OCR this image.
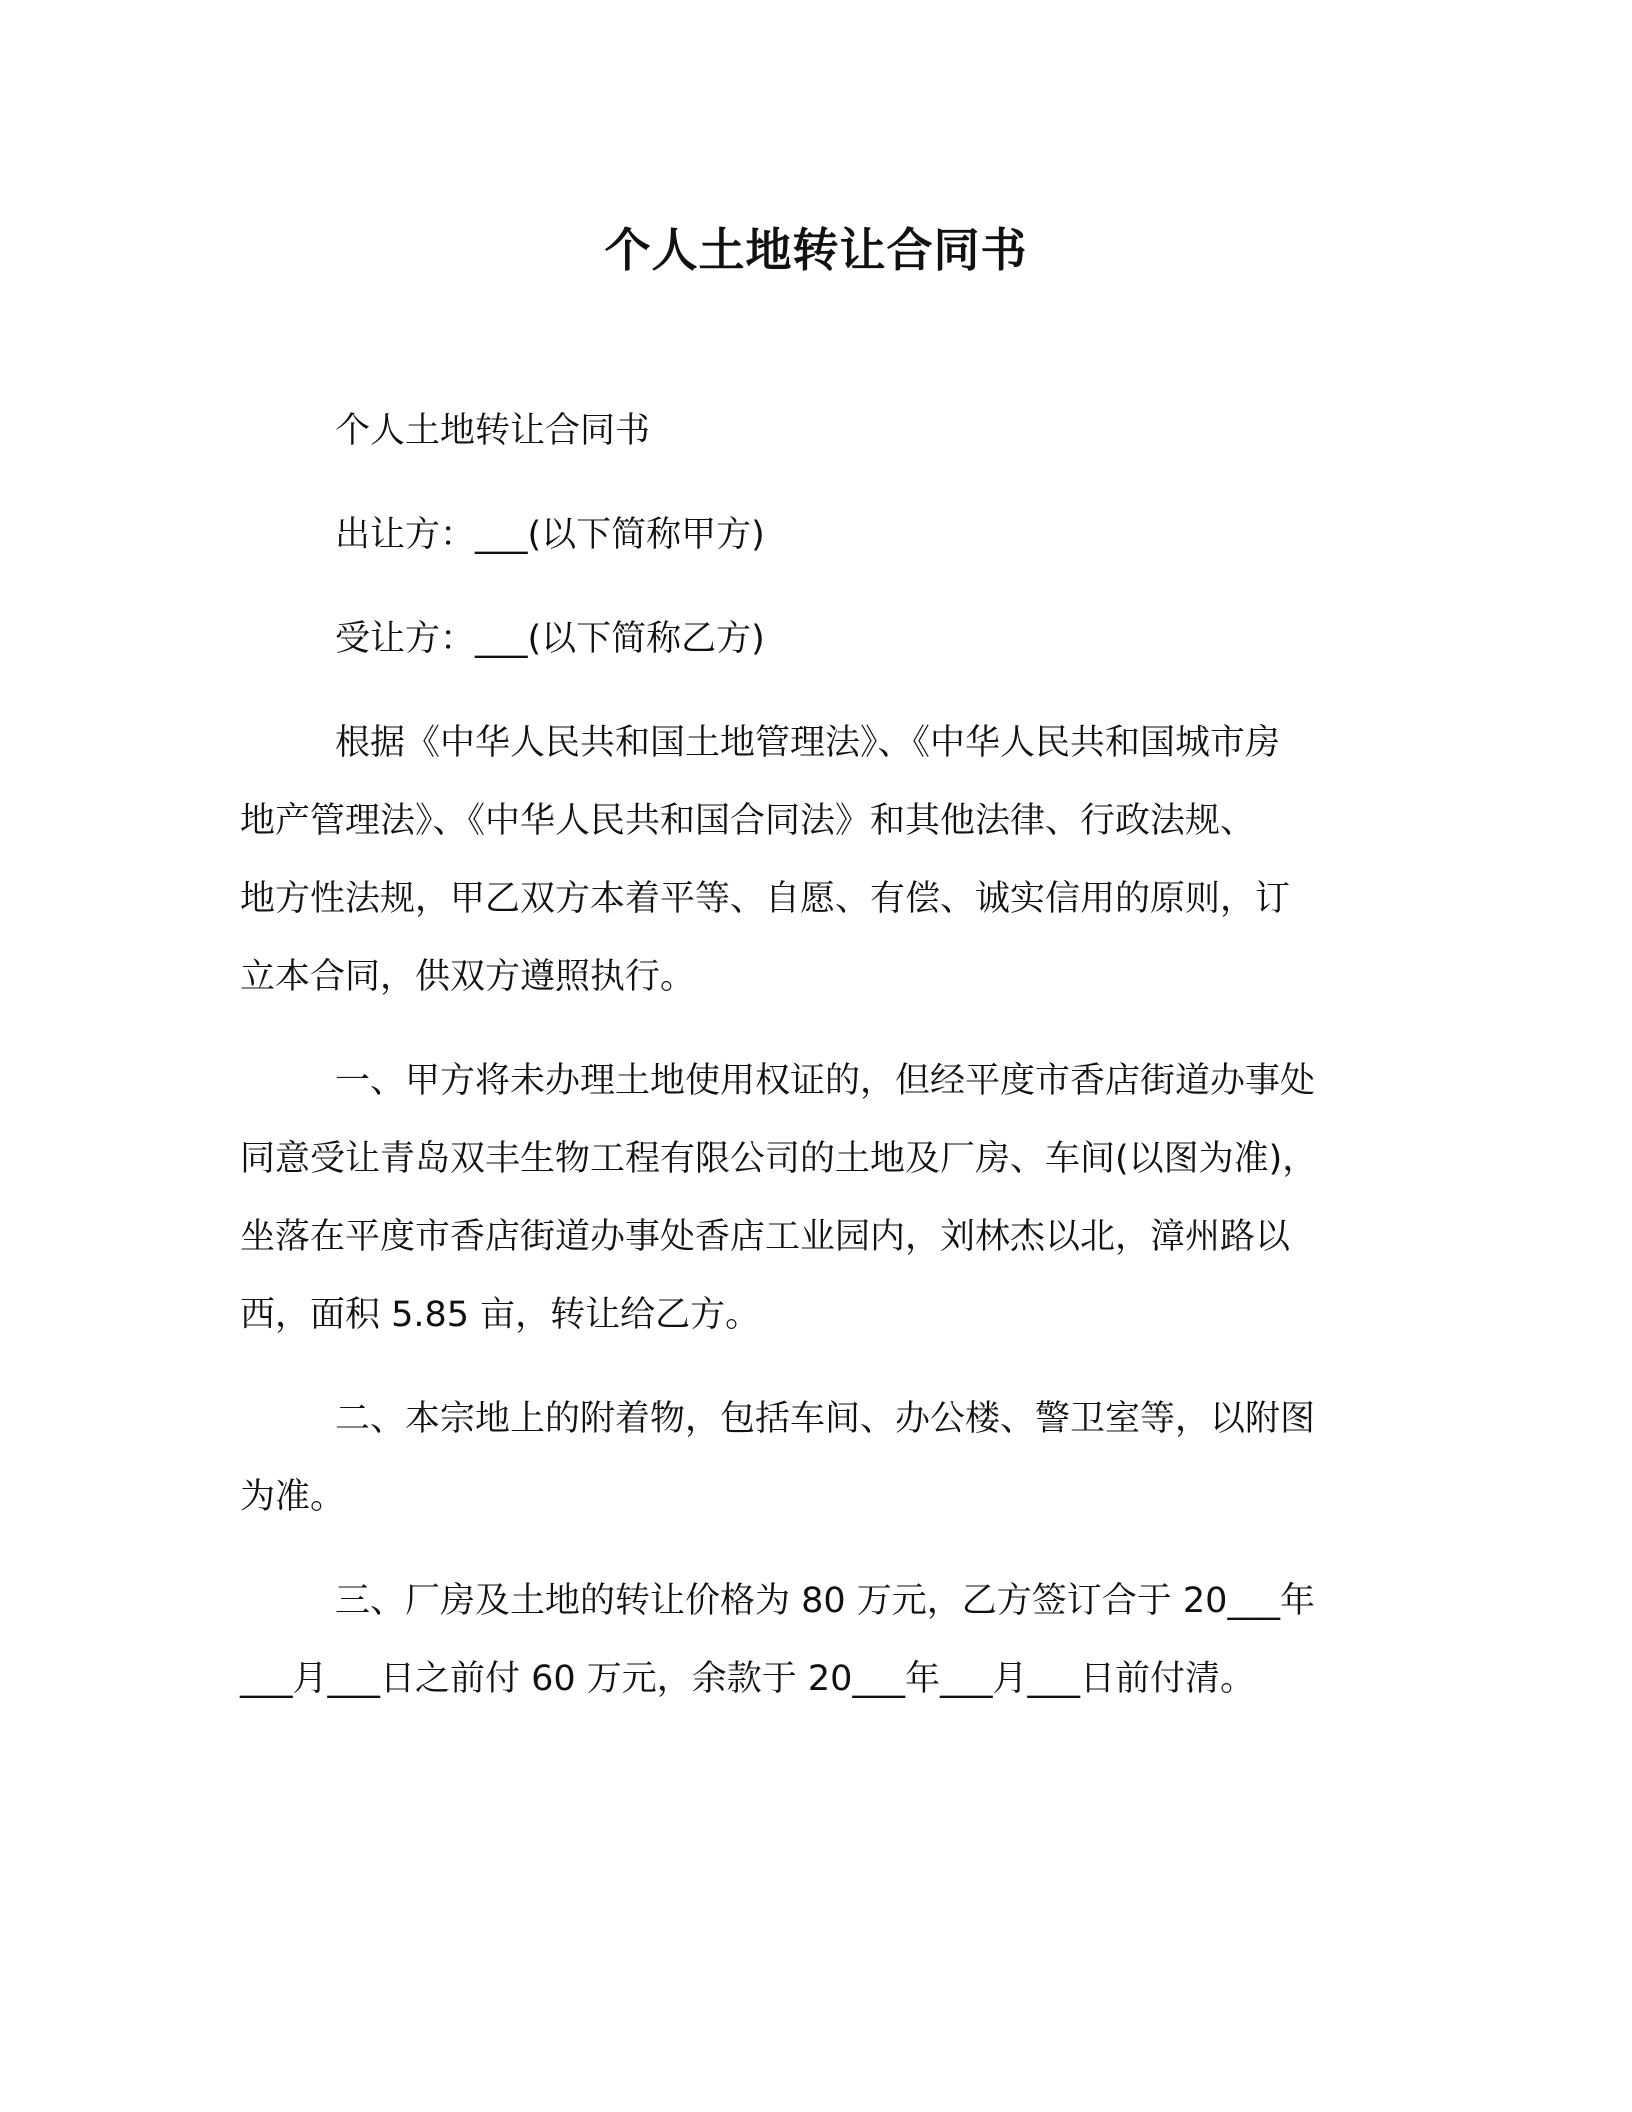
个人土地转让合同书

个人土地转让合同书

出让方：___(以下简称甲方)

受让方：___(以下简称乙方)

根据《中华人民共和国土地管理法》、《中华人民共和国城市房

地产管理法》、《中华人民共和国合同法》和其他法律、行政法规、

地方性法规，甲乙双方本着平等、自愿、有偿、诚实信用的原则，订

立本合同，供双方遵照执行。

一、甲方将未办理土地使用权证的，但经平度市香店街道办事处

同意受让青岛双丰生物工程有限公司的土地及厂房、车间(以图为准)，

坐落在平度市香店街道办事处香店工业园内，刘林杰以北，漳州路以

西，面积 5.85 亩，转让给乙方。

二、本宗地上的附着物，包括车间、办公楼、警卫室等，以附图

为准。

三、厂房及土地的转让价格为 80 万元，乙方签订合于 20___年

___月___日之前付 60 万元，余款于 20___年___月___日前付清。
